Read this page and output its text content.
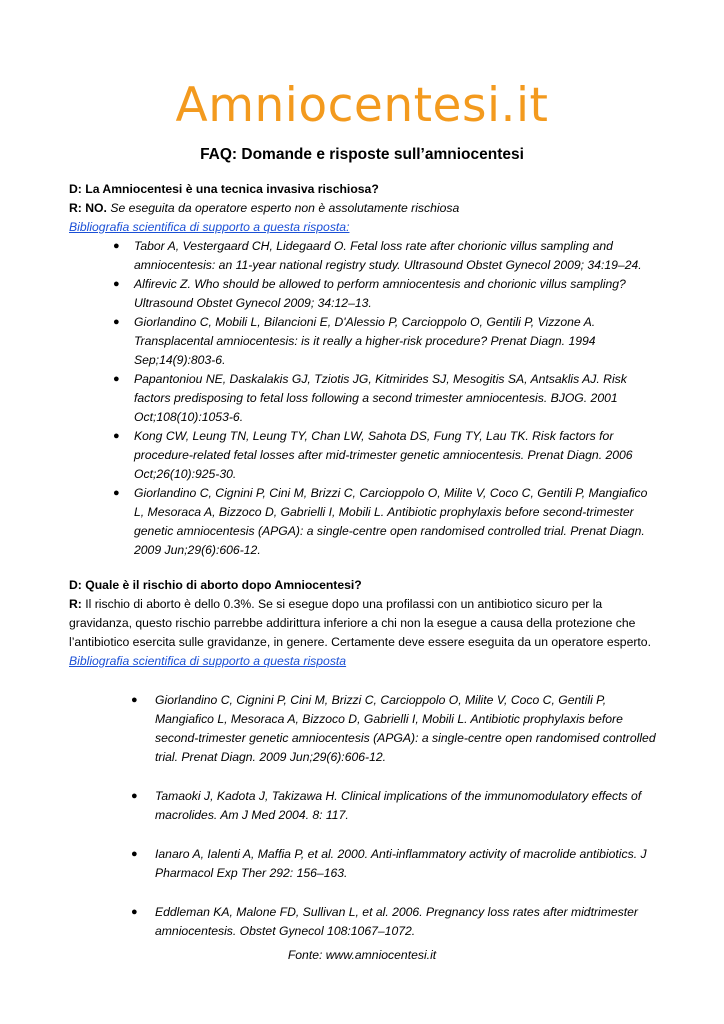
Amniocentesi.it
FAQ: Domande e risposte sull’amniocentesi
D: La Amniocentesi è una tecnica invasiva rischiosa?
R: NO. Se eseguita da operatore esperto non è assolutamente rischiosa
Bibliografia scientifica di supporto a questa risposta:
● Tabor A, Vestergaard CH, Lidegaard O. Fetal loss rate after chorionic villus sampling and amniocentesis: an 11-year national registry study. Ultrasound Obstet Gynecol 2009; 34:19–24.
● Alfirevic Z. Who should be allowed to perform amniocentesis and chorionic villus sampling? Ultrasound Obstet Gynecol 2009; 34:12–13.
● Giorlandino C, Mobili L, Bilancioni E, D'Alessio P, Carcioppolo O, Gentili P, Vizzone A. Transplacental amniocentesis: is it really a higher-risk procedure? Prenat Diagn. 1994 Sep;14(9):803-6.
● Papantoniou NE, Daskalakis GJ, Tziotis JG, Kitmirides SJ, Mesogitis SA, Antsaklis AJ. Risk factors predisposing to fetal loss following a second trimester amniocentesis. BJOG. 2001 Oct;108(10):1053-6.
● Kong CW, Leung TN, Leung TY, Chan LW, Sahota DS, Fung TY, Lau TK. Risk factors for procedure-related fetal losses after mid-trimester genetic amniocentesis. Prenat Diagn. 2006 Oct;26(10):925-30.
● Giorlandino C, Cignini P, Cini M, Brizzi C, Carcioppolo O, Milite V, Coco C, Gentili P, Mangiafico L, Mesoraca A, Bizzoco D, Gabrielli I, Mobili L. Antibiotic prophylaxis before second-trimester genetic amniocentesis (APGA): a single-centre open randomised controlled trial. Prenat Diagn. 2009 Jun;29(6):606-12.
D: Quale è il rischio di aborto dopo Amniocentesi?
R: Il rischio di aborto è dello 0.3%. Se si esegue dopo una profilassi con un antibiotico sicuro per la gravidanza, questo rischio parrebbe addirittura inferiore a chi non la esegue a causa della protezione che l’antibiotico esercita sulle gravidanze, in genere. Certamente deve essere eseguita da un operatore esperto.
Bibliografia scientifica di supporto a questa risposta
● Giorlandino C, Cignini P, Cini M, Brizzi C, Carcioppolo O, Milite V, Coco C, Gentili P, Mangiafico L, Mesoraca A, Bizzoco D, Gabrielli I, Mobili L. Antibiotic prophylaxis before second-trimester genetic amniocentesis (APGA): a single-centre open randomised controlled trial. Prenat Diagn. 2009 Jun;29(6):606-12.
● Tamaoki J, Kadota J, Takizawa H. Clinical implications of the immunomodulatory effects of macrolides. Am J Med 2004. 8: 117.
● Ianaro A, Ialenti A, Maffia P, et al. 2000. Anti-inflammatory activity of macrolide antibiotics. J Pharmacol Exp Ther 292: 156–163.
● Eddleman KA, Malone FD, Sullivan L, et al. 2006. Pregnancy loss rates after midtrimester amniocentesis. Obstet Gynecol 108:1067–1072.
Fonte: www.amniocentesi.it
